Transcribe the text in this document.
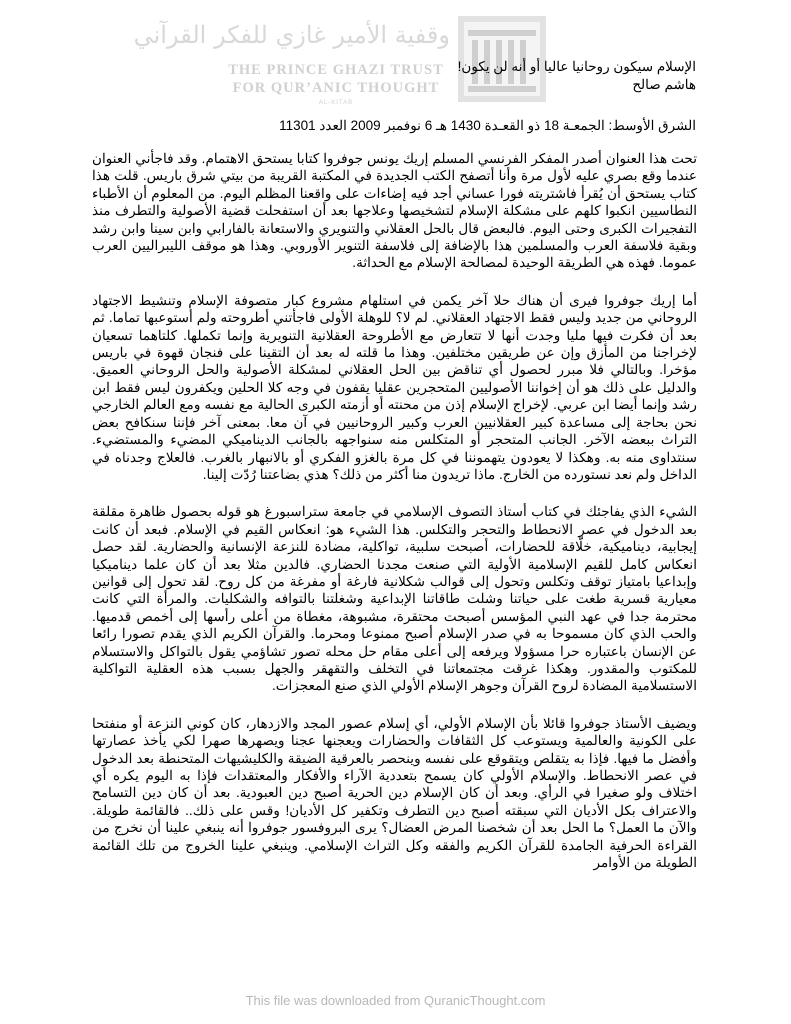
وقفية الأمير غازي للفكر القرآني
THE PRINCE GHAZI TRUST
FOR QUR’ANIC THOUGHT
AL-KITAB
الإسلام سيكون روحانيا عاليا أو أنه لن يكون!
هاشم صالح
الشرق الأوسط: الجمعـة 18 ذو القعـدة 1430 هـ 6 نوفمبر 2009 العدد 11301

تحت هذا العنوان أصدر المفكر الفرنسي المسلم إريك يونس جوفروا كتابا يستحق الاهتمام. وقد فاجأني العنوان عندما وقع بصري عليه لأول مرة وأنا أتصفح الكتب الجديدة في المكتبة القريبة من بيتي شرق باريس. قلت هذا كتاب يستحق أن يُقرأ فاشتريته فورا عساني أجد فيه إضاءات على واقعنا المظلم اليوم. من المعلوم أن الأطباء النطاسيين انكبوا كلهم على مشكلة الإسلام لتشخيصها وعلاجها بعد أن استفحلت قضية الأصولية والتطرف منذ التفجيرات الكبرى وحتى اليوم. فالبعض قال بالحل العقلاني والتنويري والاستعانة بالفارابي وابن سينا وابن رشد وبقية فلاسفة العرب والمسلمين هذا بالإضافة إلى فلاسفة التنوير الأوروبي. وهذا هو موقف الليبراليين العرب عموما. فهذه هي الطريقة الوحيدة لمصالحة الإسلام مع الحداثة.

أما إريك جوفروا فيرى أن هناك حلا آخر يكمن في استلهام مشروع كبار متصوفة الإسلام وتنشيط الاجتهاد الروحاني من جديد وليس فقط الاجتهاد العقلاني. لم لا؟ للوهلة الأولى فاجأتني أطروحته ولم أستوعبها تماما. ثم بعد أن فكرت فيها مليا وجدت أنها لا تتعارض مع الأطروحة العقلانية التنويرية وإنما تكملها. كلتاهما تسعيان لإخراجنا من المأزق وإن عن طريقين مختلفين. وهذا ما قلته له بعد أن التقينا على فنجان قهوة في باريس مؤخرا. وبالتالي فلا مبرر لحصول أي تناقض بين الحل العقلاني لمشكلة الأصولية والحل الروحاني العميق. والدليل على ذلك هو أن إخواننا الأصوليين المتحجرين عقليا يقفون في وجه كلا الحلين ويكفرون ليس فقط ابن رشد وإنما أيضا ابن عربي. لإخراج الإسلام إذن من محنته أو أزمته الكبرى الحالية مع نفسه ومع العالم الخارجي نحن بحاجة إلى مساعدة كبير العقلانيين العرب وكبير الروحانيين في آن معا. بمعنى آخر فإننا سنكافح بعض التراث ببعضه الآخر. الجانب المتحجر أو المتكلس منه سنواجهه بالجانب الديناميكي المضيء والمستضيء. سنتداوى منه به. وهكذا لا يعودون يتهموننا في كل مرة بالغزو الفكري أو بالانبهار بالغرب. فالعلاج وجدناه في الداخل ولم نعد نستورده من الخارج. ماذا تريدون منا أكثر من ذلك؟ هذي بضاعتنا رُدّت إلينا.

الشيء الذي يفاجئك في كتاب أستاذ التصوف الإسلامي في جامعة ستراسبورغ هو قوله بحصول ظاهرة مقلقة بعد الدخول في عصر الانحطاط والتحجر والتكلس. هذا الشيء هو: انعكاس القيم في الإسلام. فبعد أن كانت إيجابية، ديناميكية، خلّاقة للحضارات، أصبحت سلبية، تواكلية، مضادة للنزعة الإنسانية والحضارية. لقد حصل انعكاس كامل للقيم الإسلامية الأولية التي صنعت مجدنا الحضاري. فالدين مثلا بعد أن كان علما ديناميكيا وإبداعيا بامتياز توقف وتكلس وتحول إلى قوالب شكلانية فارغة أو مفرغة من كل روح. لقد تحول إلى قوانين معيارية قسرية طغت على حياتنا وشلت طاقاتنا الإبداعية وشغلتنا بالتوافه والشكليات. والمرأة التي كانت محترمة جدا في عهد النبي المؤسس أصبحت محتقرة، مشبوهة، مغطاة من أعلى رأسها إلى أخمص قدميها. والحب الذي كان مسموحا به في صدر الإسلام أصبح ممنوعا ومحرما. والقرآن الكريم الذي يقدم تصورا رائعا عن الإنسان باعتباره حرا مسؤولا ويرفعه إلى أعلى مقام حل محله تصور تشاؤمي يقول بالتواكل والاستسلام للمكتوب والمقدور. وهكذا غرقت مجتمعاتنا في التخلف والتقهقر والجهل بسبب هذه العقلية التواكلية الاستسلامية المضادة لروح القرآن وجوهر الإسلام الأولي الذي صنع المعجزات.

ويضيف الأستاذ جوفروا قائلا بأن الإسلام الأولي، أي إسلام عصور المجد والازدهار، كان كوني النزعة أو منفتحا على الكونية والعالمية ويستوعب كل الثقافات والحضارات ويعجنها عجنا ويصهرها صهرا لكي يأخذ عصارتها وأفضل ما فيها. فإذا به يتقلص ويتقوقع على نفسه وينحصر بالعرقية الضيقة والكليشيهات المتحنطة بعد الدخول في عصر الانحطاط. والإسلام الأولي كان يسمح بتعددية الآراء والأفكار والمعتقدات فإذا به اليوم يكره أي اختلاف ولو صغيرا في الرأي. وبعد أن كان الإسلام دين الحرية أصبح دين العبودية. بعد أن كان دين التسامح والاعتراف بكل الأديان التي سبقته أصبح دين التطرف وتكفير كل الأديان! وقس على ذلك.. فالقائمة طويلة. والآن ما العمل؟ ما الحل بعد أن شخصنا المرض العضال؟ يرى البروفسور جوفروا أنه ينبغي علينا أن نخرج من القراءة الحرفية الجامدة للقرآن الكريم والفقه وكل التراث الإسلامي. وينبغي علينا الخروج من تلك القائمة الطويلة من الأوامر

This file was downloaded from QuranicThought.com
